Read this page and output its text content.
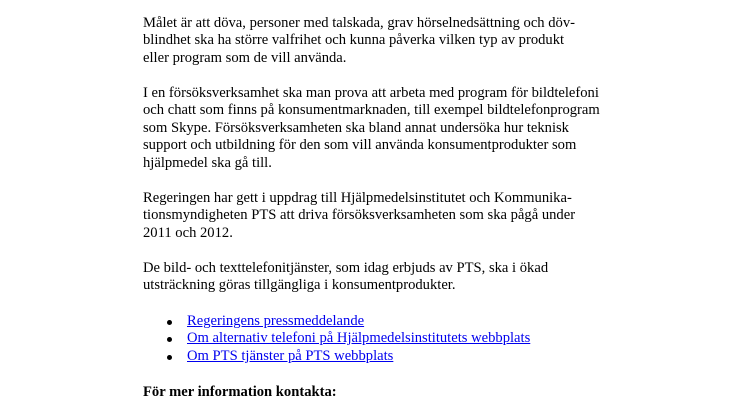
Målet är att döva, personer med talskada, grav hörselnedsättning och döv-
blindhet ska ha större valfrihet och kunna påverka vilken typ av produkt
eller program som de vill använda.

I en försöksverksamhet ska man prova att arbeta med program för bildtelefoni
och chatt som finns på konsumentmarknaden, till exempel bildtelefonprogram
som Skype. Försöksverksamheten ska bland annat undersöka hur teknisk
support och utbildning för den som vill använda konsumentprodukter som
hjälpmedel ska gå till.

Regeringen har gett i uppdrag till Hjälpmedelsinstitutet och Kommunika-
tionsmyndigheten PTS att driva försöksverksamheten som ska pågå under
2011 och 2012.

De bild- och texttelefonitjänster, som idag erbjuds av PTS, ska i ökad
utsträckning göras tillgängliga i konsumentprodukter.

Regeringens pressmeddelande
Om alternativ telefoni på Hjälpmedelsinstitutets webbplats
Om PTS tjänster på PTS webbplats

För mer information kontakta:
